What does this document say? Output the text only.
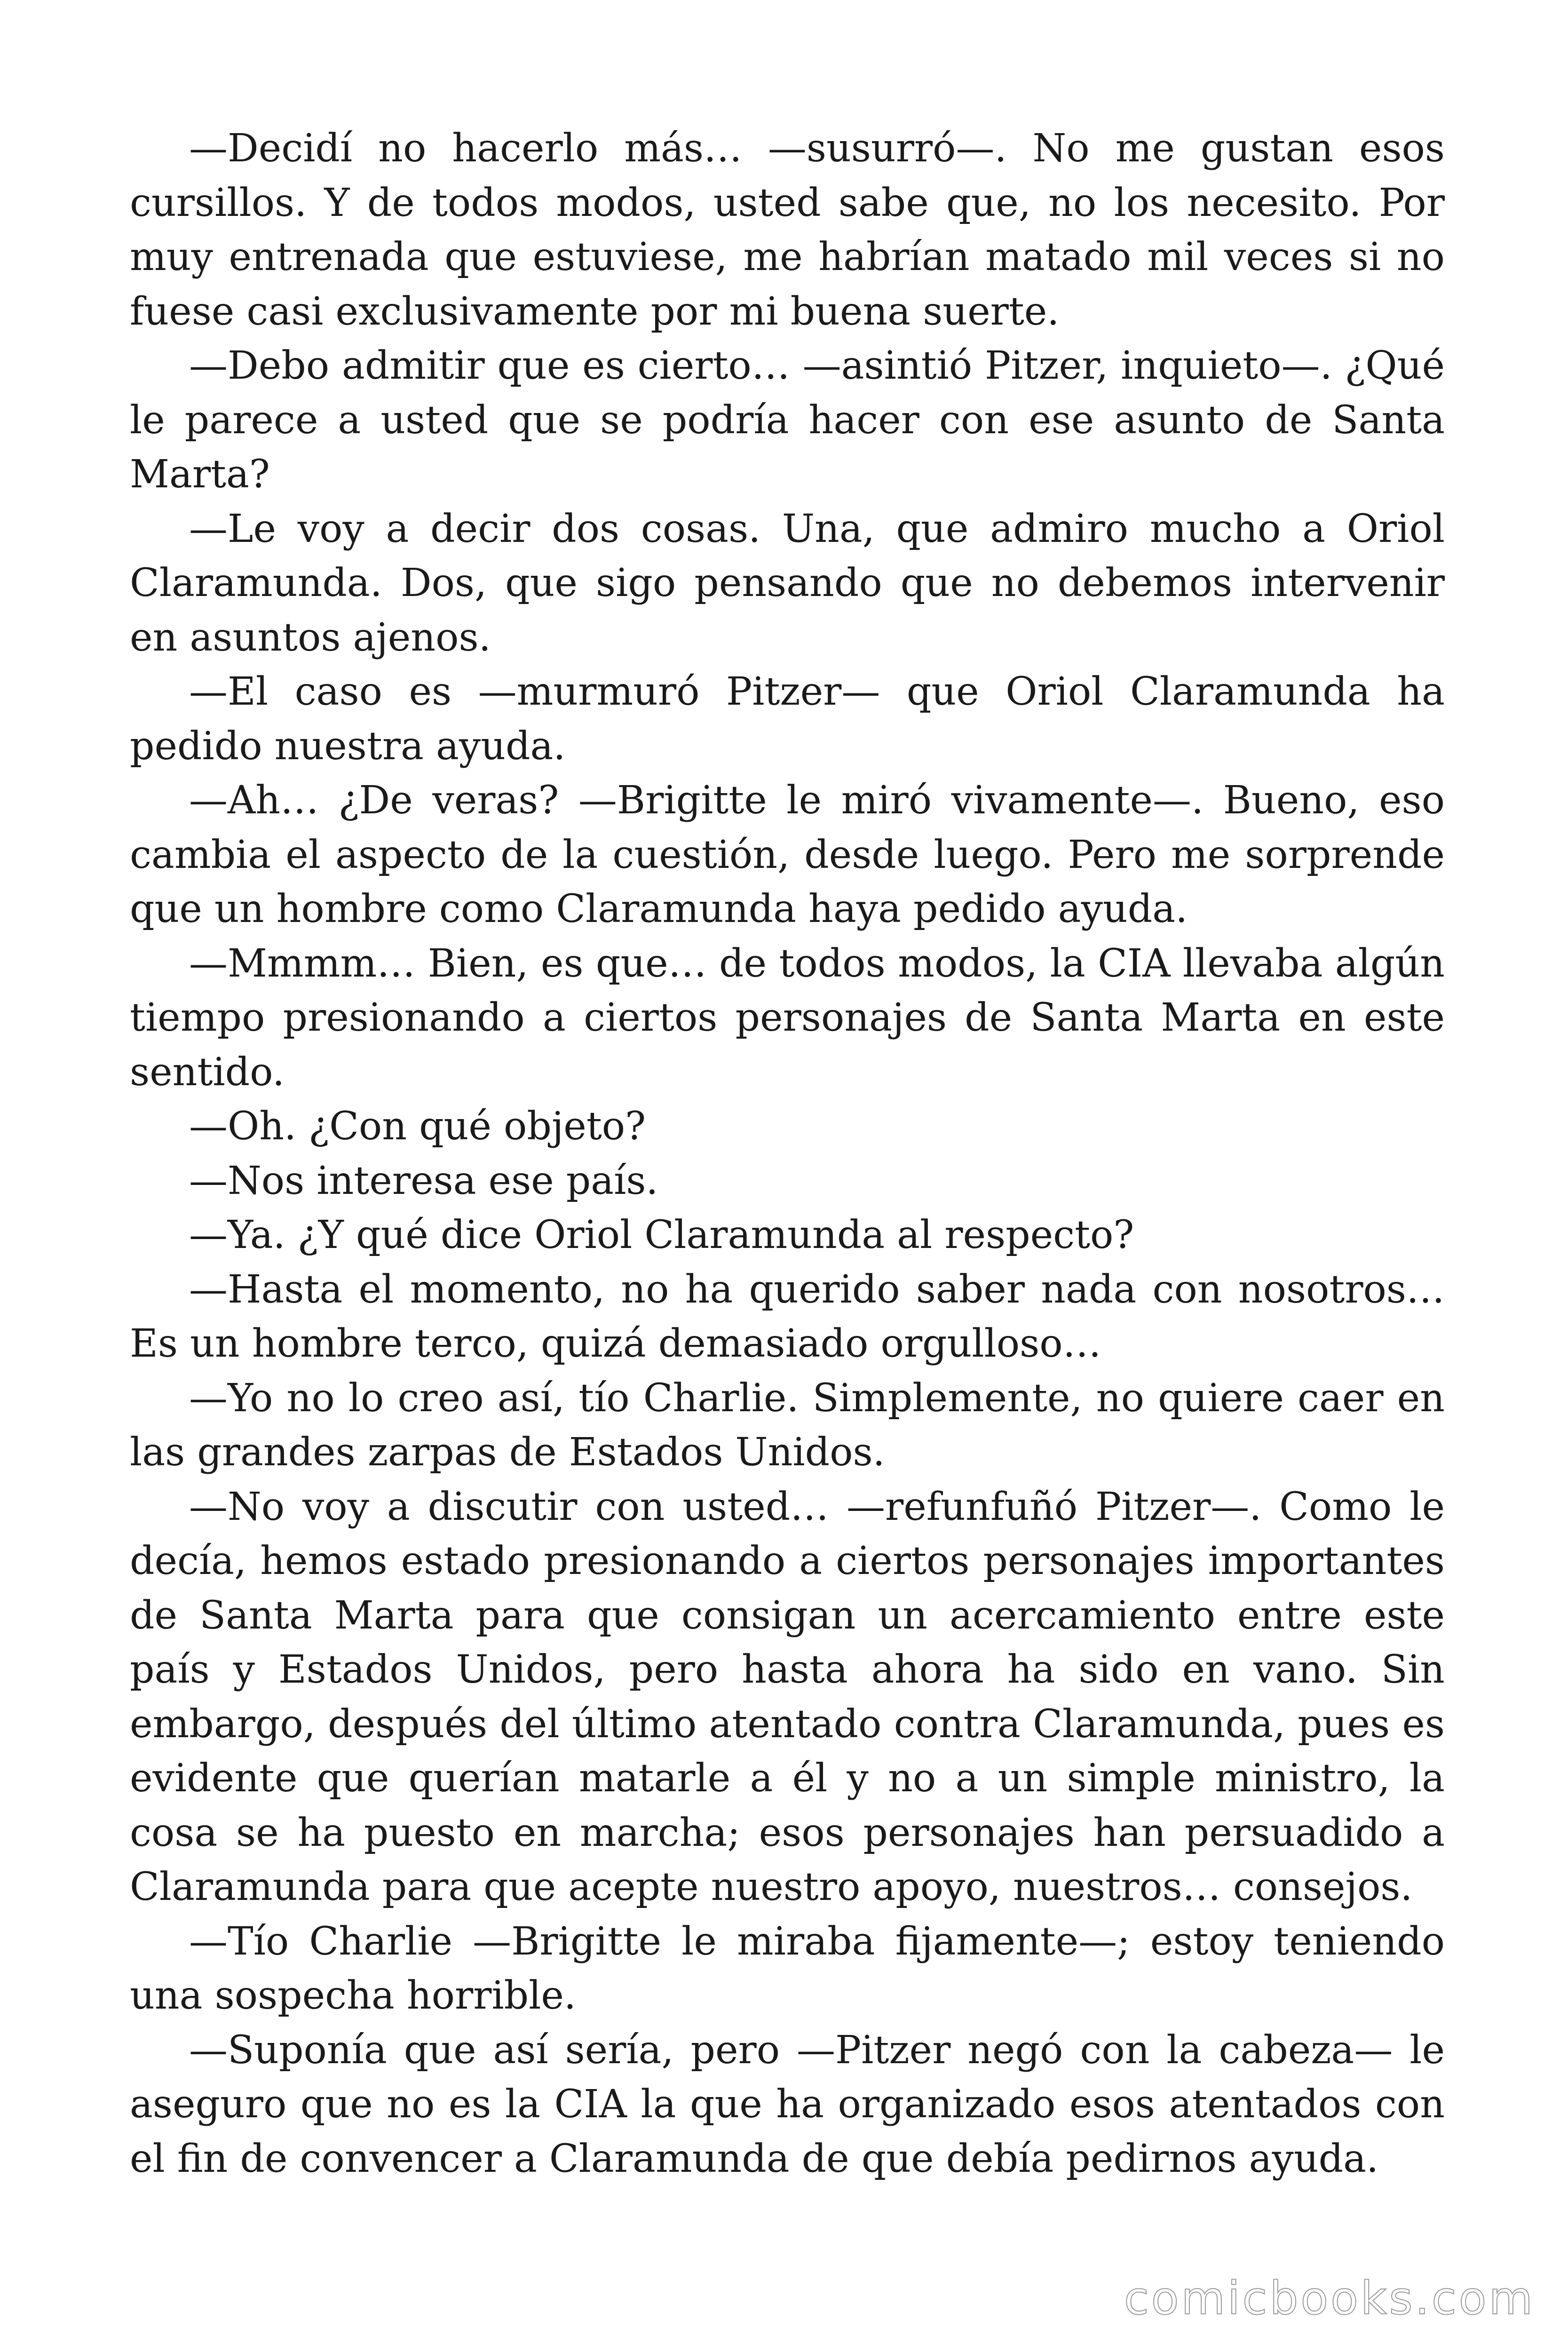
—Decidí no hacerlo más… —susurró—. No me gustan esos cursillos. Y de todos modos, usted sabe que, no los necesito. Por muy entrenada que estuviese, me habrían matado mil veces si no fuese casi exclusivamente por mi buena suerte.

—Debo admitir que es cierto… —asintió Pitzer, inquieto—. ¿Qué le parece a usted que se podría hacer con ese asunto de Santa Marta?

—Le voy a decir dos cosas. Una, que admiro mucho a Oriol Claramunda. Dos, que sigo pensando que no debemos intervenir en asuntos ajenos.

—El caso es —murmuró Pitzer— que Oriol Claramunda ha pedido nuestra ayuda.

—Ah… ¿De veras? —Brigitte le miró vivamente—. Bueno, eso cambia el aspecto de la cuestión, desde luego. Pero me sorprende que un hombre como Claramunda haya pedido ayuda.

—Mmmm… Bien, es que… de todos modos, la CIA llevaba algún tiempo presionando a ciertos personajes de Santa Marta en este sentido.

—Oh. ¿Con qué objeto?

—Nos interesa ese país.

—Ya. ¿Y qué dice Oriol Claramunda al respecto?

—Hasta el momento, no ha querido saber nada con nosotros… Es un hombre terco, quizá demasiado orgulloso…

—Yo no lo creo así, tío Charlie. Simplemente, no quiere caer en las grandes zarpas de Estados Unidos.

—No voy a discutir con usted… —refunfuñó Pitzer—. Como le decía, hemos estado presionando a ciertos personajes importantes de Santa Marta para que consigan un acercamiento entre este país y Estados Unidos, pero hasta ahora ha sido en vano. Sin embargo, después del último atentado contra Claramunda, pues es evidente que querían matarle a él y no a un simple ministro, la cosa se ha puesto en marcha; esos personajes han persuadido a Claramunda para que acepte nuestro apoyo, nuestros… consejos.

—Tío Charlie —Brigitte le miraba fijamente—; estoy teniendo una sospecha horrible.

—Suponía que así sería, pero —Pitzer negó con la cabeza— le aseguro que no es la CIA la que ha organizado esos atentados con el fin de convencer a Claramunda de que debía pedirnos ayuda.

comicbooks.com
